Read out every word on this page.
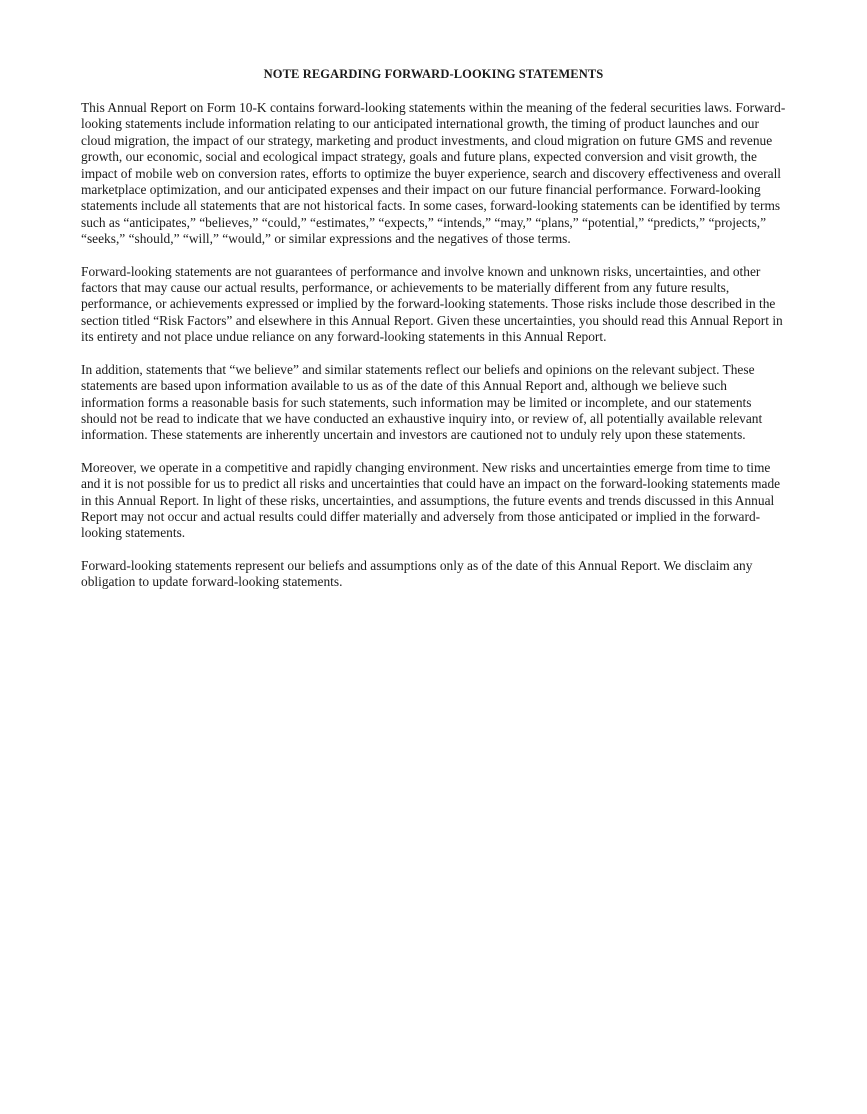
NOTE REGARDING FORWARD-LOOKING STATEMENTS

This Annual Report on Form 10-K contains forward-looking statements within the meaning of the federal securities laws. Forward-looking statements include information relating to our anticipated international growth, the timing of product launches and our cloud migration, the impact of our strategy, marketing and product investments, and cloud migration on future GMS and revenue growth, our economic, social and ecological impact strategy, goals and future plans, expected conversion and visit growth, the impact of mobile web on conversion rates, efforts to optimize the buyer experience, search and discovery effectiveness and overall marketplace optimization, and our anticipated expenses and their impact on our future financial performance. Forward-looking statements include all statements that are not historical facts. In some cases, forward-looking statements can be identified by terms such as “anticipates,” “believes,” “could,” “estimates,” “expects,” “intends,” “may,” “plans,” “potential,” “predicts,” “projects,” “seeks,” “should,” “will,” “would,” or similar expressions and the negatives of those terms.

Forward-looking statements are not guarantees of performance and involve known and unknown risks, uncertainties, and other factors that may cause our actual results, performance, or achievements to be materially different from any future results, performance, or achievements expressed or implied by the forward-looking statements. Those risks include those described in the section titled “Risk Factors” and elsewhere in this Annual Report. Given these uncertainties, you should read this Annual Report in its entirety and not place undue reliance on any forward-looking statements in this Annual Report.

In addition, statements that “we believe” and similar statements reflect our beliefs and opinions on the relevant subject. These statements are based upon information available to us as of the date of this Annual Report and, although we believe such information forms a reasonable basis for such statements, such information may be limited or incomplete, and our statements should not be read to indicate that we have conducted an exhaustive inquiry into, or review of, all potentially available relevant information. These statements are inherently uncertain and investors are cautioned not to unduly rely upon these statements.

Moreover, we operate in a competitive and rapidly changing environment. New risks and uncertainties emerge from time to time and it is not possible for us to predict all risks and uncertainties that could have an impact on the forward-looking statements made in this Annual Report. In light of these risks, uncertainties, and assumptions, the future events and trends discussed in this Annual Report may not occur and actual results could differ materially and adversely from those anticipated or implied in the forward-looking statements.

Forward-looking statements represent our beliefs and assumptions only as of the date of this Annual Report. We disclaim any obligation to update forward-looking statements.
